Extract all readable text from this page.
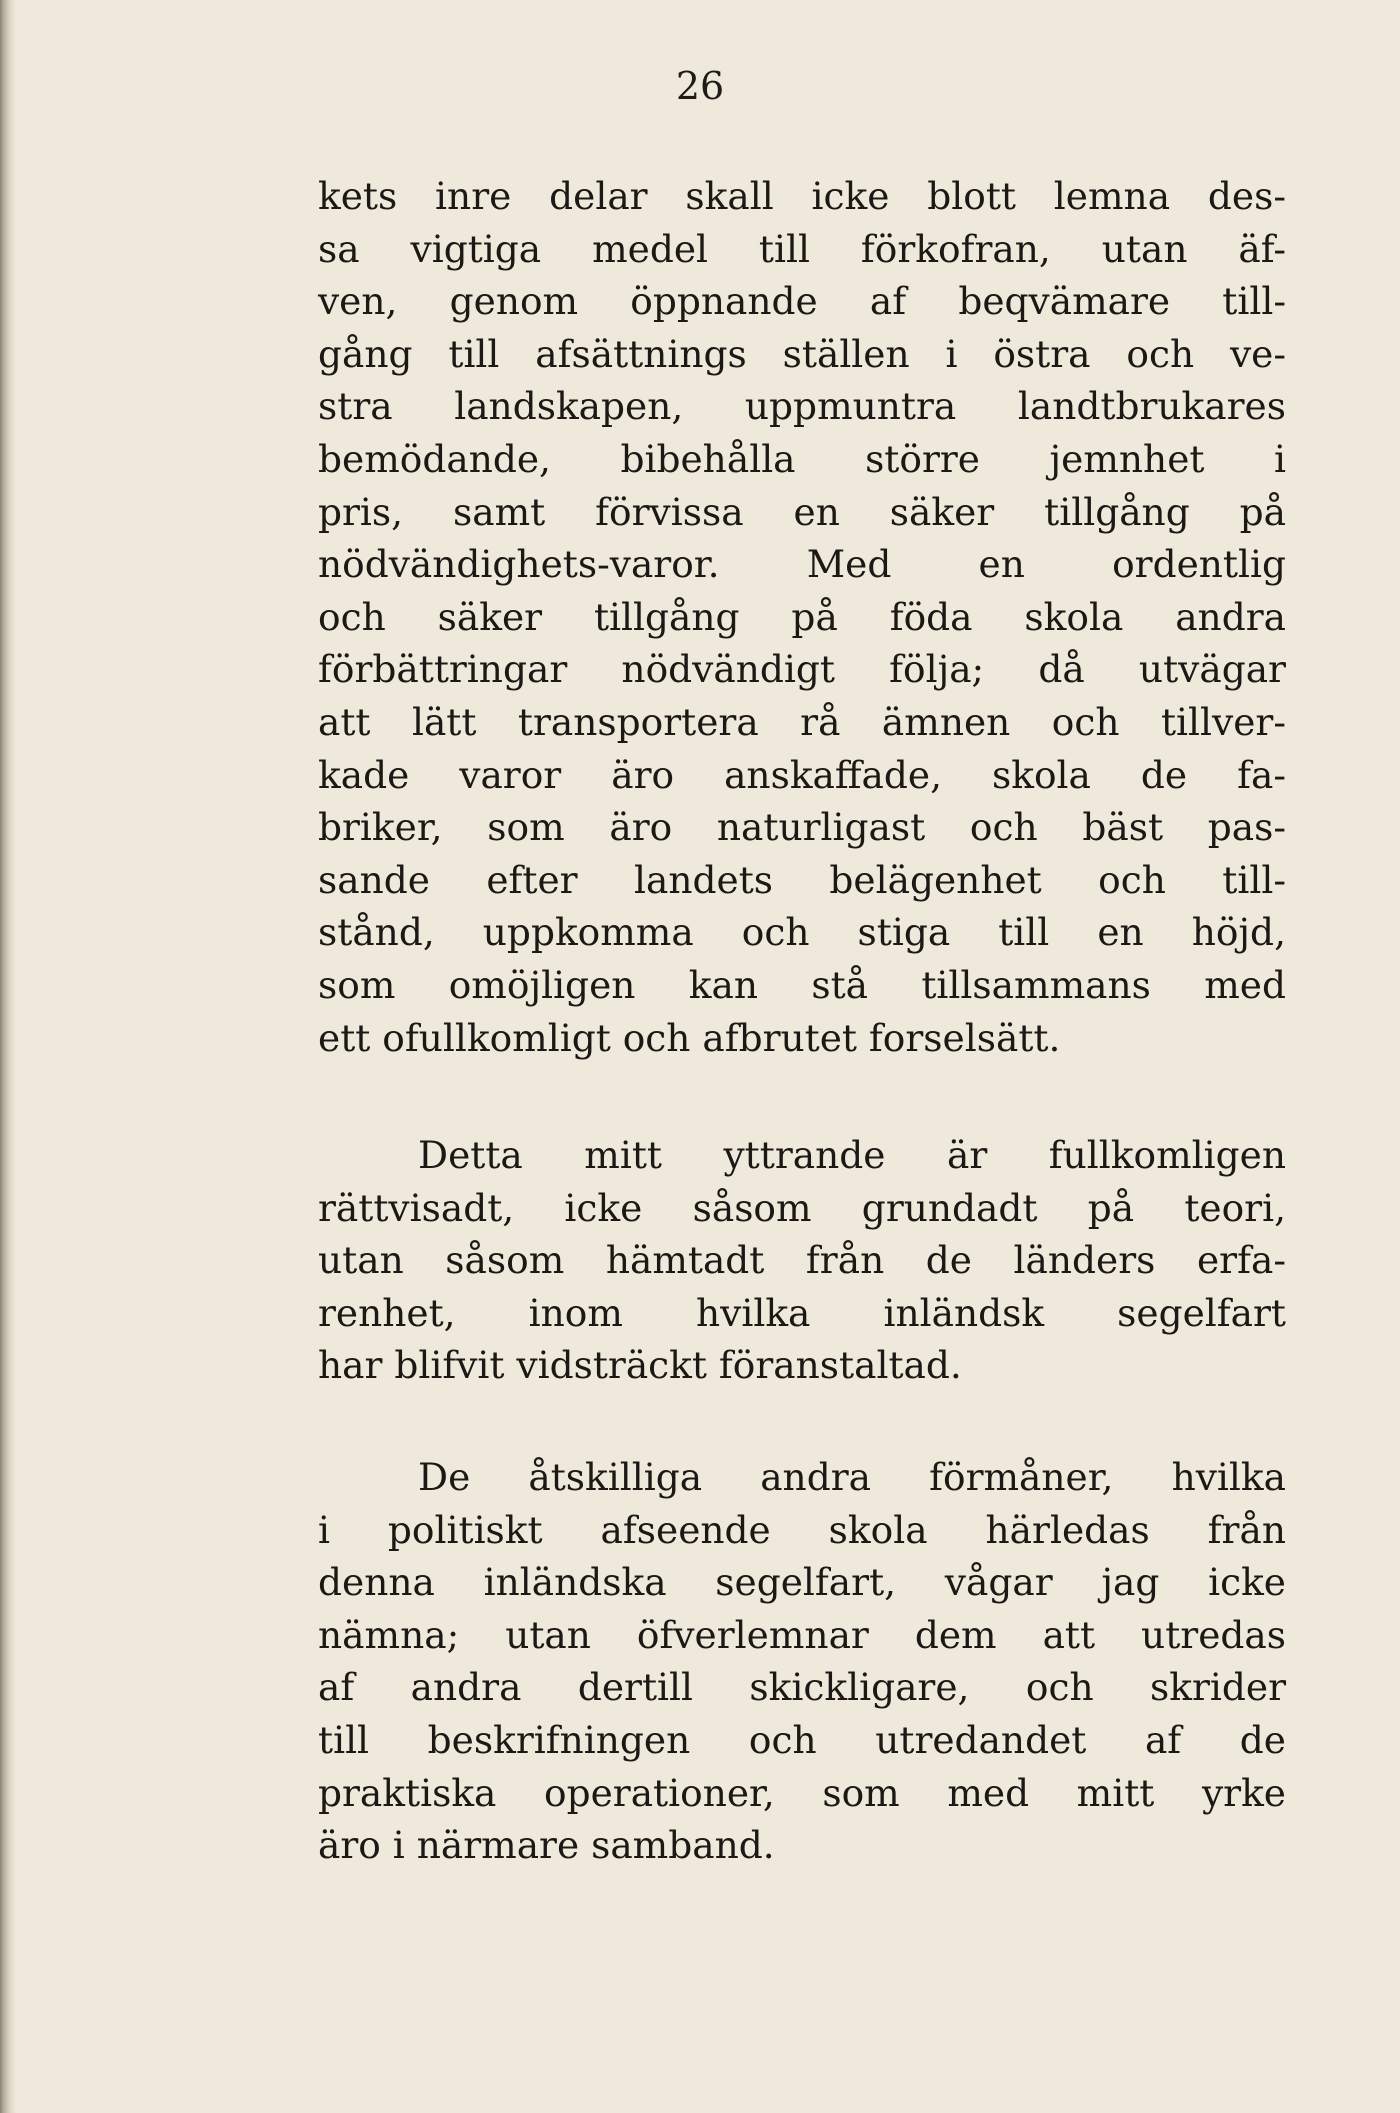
26
kets inre delar skall icke blott lemna des-
sa vigtiga medel till förkofran, utan äf-
ven, genom öppnande af beqvämare till-
gång till afsättnings ställen i östra och ve-
stra landskapen, uppmuntra landtbrukares
bemödande, bibehålla större jemnhet i
pris, samt förvissa en säker tillgång på
nödvändighets-varor. Med en ordentlig
och säker tillgång på föda skola andra
förbättringar nödvändigt följa; då utvägar
att lätt transportera rå ämnen och tillver-
kade varor äro anskaffade, skola de fa-
briker, som äro naturligast och bäst pas-
sande efter landets belägenhet och till-
stånd, uppkomma och stiga till en höjd,
som omöjligen kan stå tillsammans med
ett ofullkomligt och afbrutet forselsätt.
Detta mitt yttrande är fullkomligen
rättvisadt, icke såsom grundadt på teori,
utan såsom hämtadt från de länders erfa-
renhet, inom hvilka inländsk segelfart
har blifvit vidsträckt föranstaltad.
De åtskilliga andra förmåner, hvilka
i politiskt afseende skola härledas från
denna inländska segelfart, vågar jag icke
nämna; utan öfverlemnar dem att utredas
af andra dertill skickligare, och skrider
till beskrifningen och utredandet af de
praktiska operationer, som med mitt yrke
äro i närmare samband.
